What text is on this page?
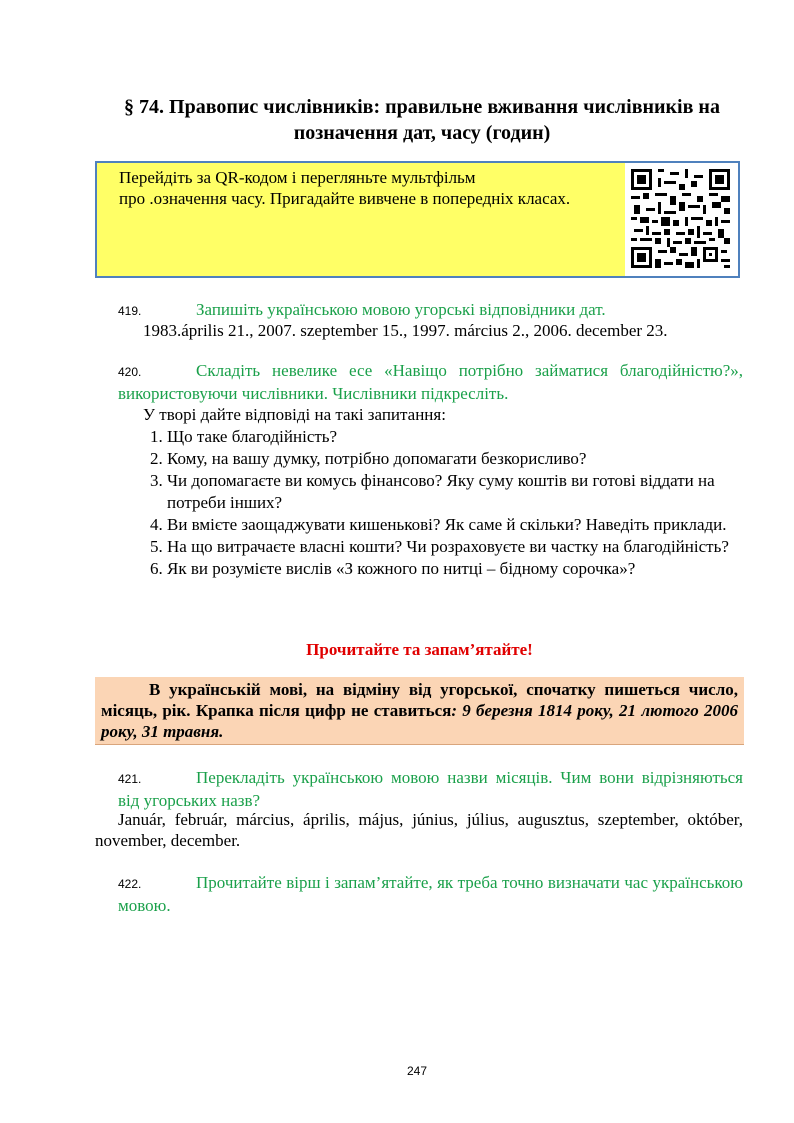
§ 74. Правопис числівників: правильне вживання числівників на позначення дат, часу (годин)
Перейдіть за QR-кодом і перегляньте мультфільм
про .означення часу. Пригадайте вивчене в попередніх класах.
419.	Запишіть українською мовою угорські відповідники дат.
1983.április 21., 2007. szeptember 15., 1997. március 2., 2006. december 23.
420.	Складіть невелике есе «Навіщо потрібно займатися благодійністю?», використовуючи числівники. Числівники підкресліть.
У творі дайте відповіді на такі запитання:
1. Що таке благодійність?
2. Кому, на вашу думку, потрібно допомагати безкорисливо?
3. Чи допомагаєте ви комусь фінансово? Яку суму коштів ви готові віддати на потреби інших?
4. Ви вмієте заощаджувати кишенькові? Як саме й скільки? Наведіть приклади.
5. На що витрачаєте власні кошти? Чи розраховуєте ви частку на благодійність?
6. Як ви розумієте вислів «З кожного по нитці – бідному сорочка»?
Прочитайте та запам’ятайте!
В українській мові, на відміну від угорської, спочатку пишеться число, місяць, рік. Крапка після цифр не ставиться: 9 березня 1814 року, 21 лютого 2006 року, 31 травня.
421.	Перекладіть українською мовою назви місяців. Чим вони відрізняються від угорських назв?
Január, február, március, április, május, június, július, augusztus, szeptember, október, november, december.
422.	Прочитайте вірш і запам’ятайте, як треба точно визначати час українською мовою.
247
